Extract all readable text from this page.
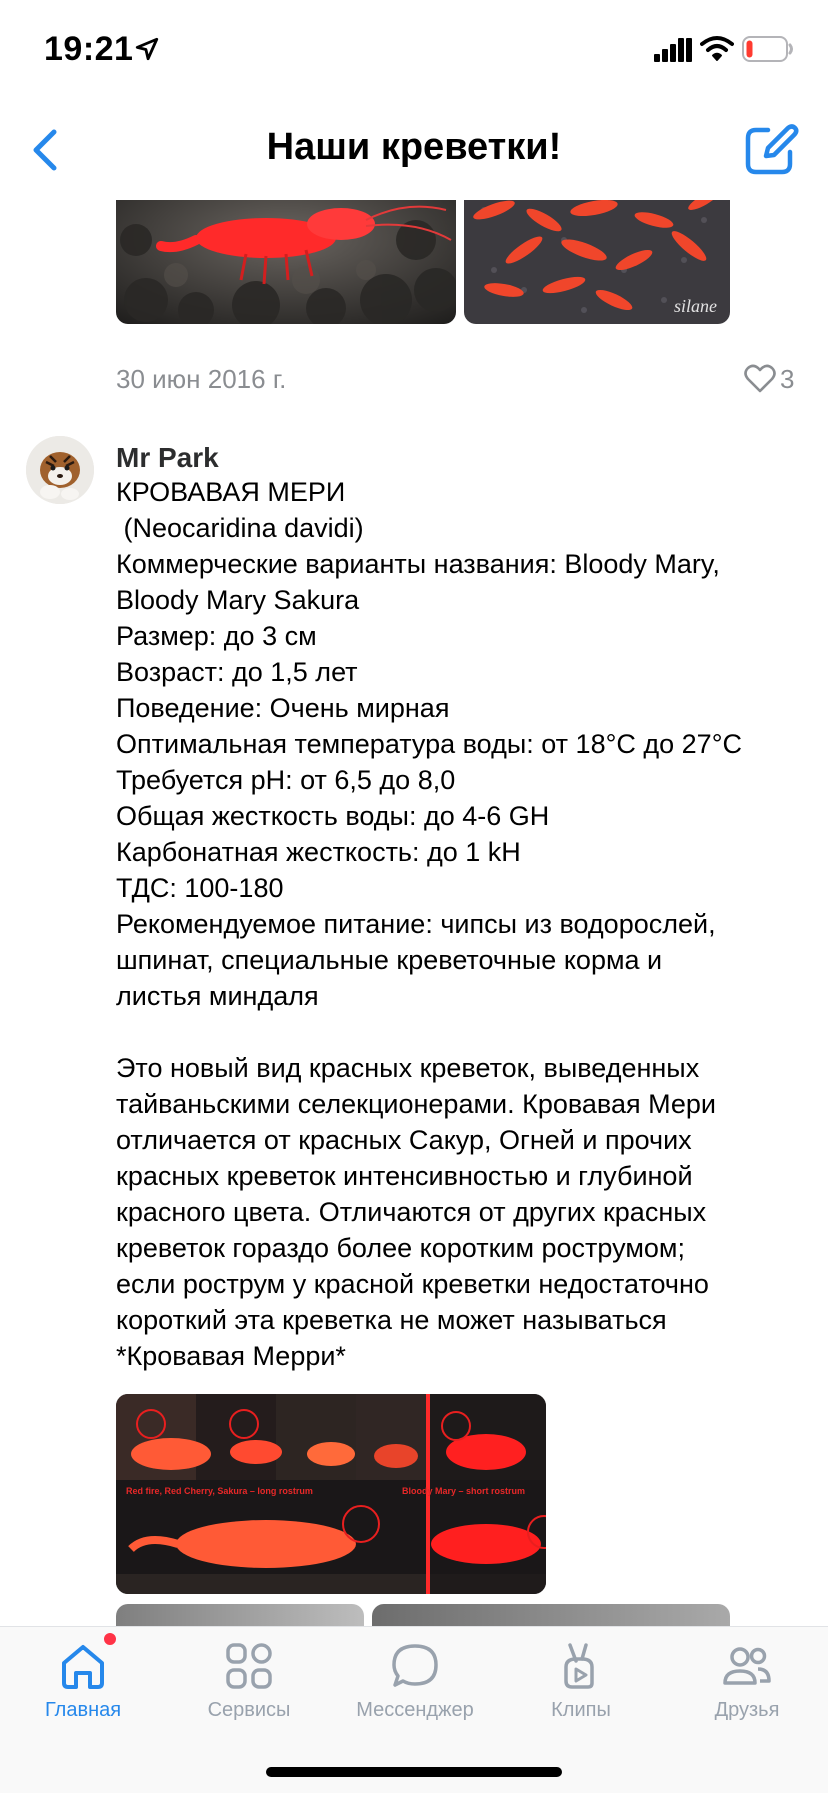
19:21
Наши креветки!
silane
30 июн 2016 г.	3
Mr Park

КРОВАВАЯ МЕРИ
(Neocaridina davidi)
Коммерческие варианты названия: Bloody Mary,
Bloody Mary Sakura
Размер: до 3 см
Возраст: до 1,5 лет
Поведение: Очень мирная
Оптимальная температура воды: от 18°С до 27°С
Требуется pH: от 6,5 до 8,0
Общая жесткость воды: до 4-6 GH
Карбонатная жесткость: до 1 kH
ТДС: 100-180
Рекомендуемое питание: чипсы из водорослей,
шпинат, специальные креветочные корма и
листья миндаля

Это новый вид красных креветок, выведенных
тайваньскими селекционерами. Кровавая Мери
отличается от красных Сакур, Огней и прочих
красных креветок интенсивностью и глубиной
красного цвета. Отличаются от других красных
креветок гораздо более коротким рострумом;
если рострум у красной креветки недостаточно
короткий эта креветка не может называться
*Кровавая Мерри*

Red fire, Red Cherry, Sakura – long rostrum	Bloody Mary – short rostrum
Главная	Сервисы	Мессенджер	Клипы	Друзья
